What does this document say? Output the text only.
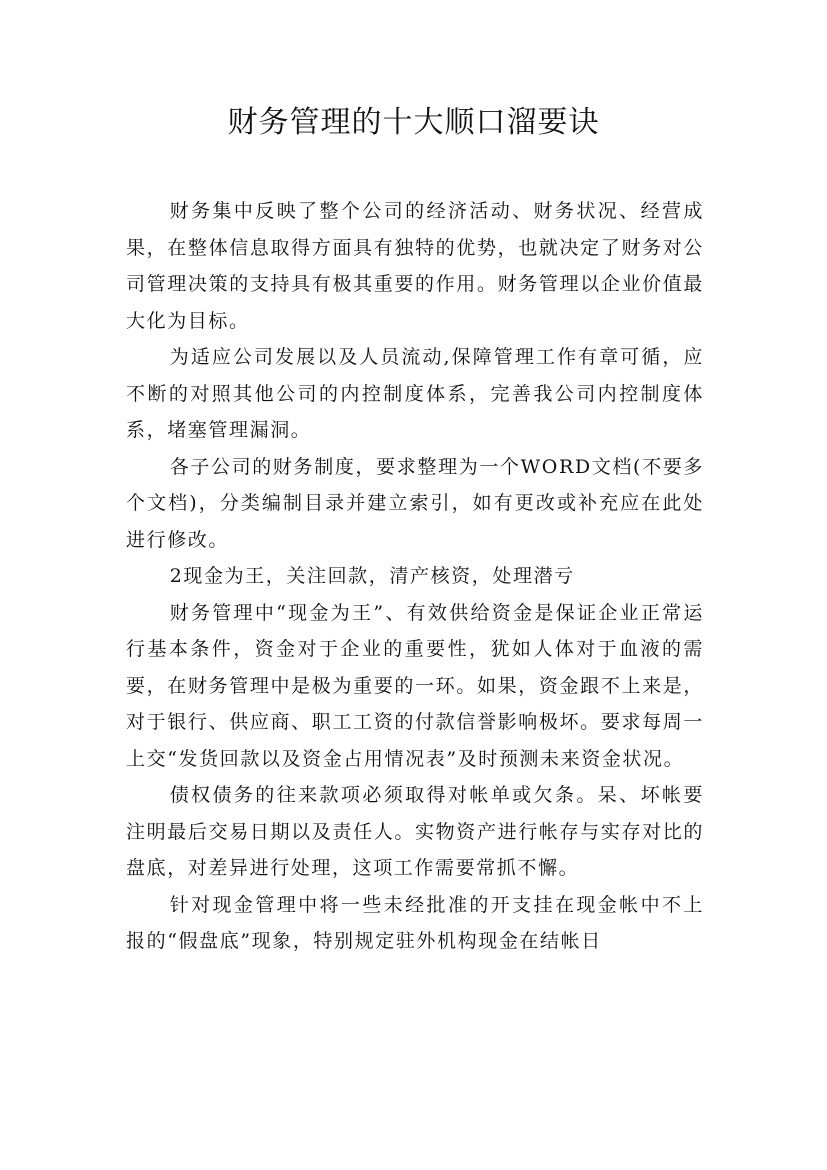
财务管理的十大顺口溜要诀

财务集中反映了整个公司的经济活动、财务状况、经营成果，在整体信息取得方面具有独特的优势，也就决定了财务对公司管理决策的支持具有极其重要的作用。财务管理以企业价值最大化为目标。

为适应公司发展以及人员流动,保障管理工作有章可循，应不断的对照其他公司的内控制度体系，完善我公司内控制度体系，堵塞管理漏洞。

各子公司的财务制度，要求整理为一个WORD文档(不要多个文档)，分类编制目录并建立索引，如有更改或补充应在此处进行修改。

2现金为王，关注回款，清产核资，处理潜亏

财务管理中“现金为王”、有效供给资金是保证企业正常运行基本条件，资金对于企业的重要性，犹如人体对于血液的需要，在财务管理中是极为重要的一环。如果，资金跟不上来是，对于银行、供应商、职工工资的付款信誉影响极坏。要求每周一上交“发货回款以及资金占用情况表”及时预测未来资金状况。

债权债务的往来款项必须取得对帐单或欠条。呆、坏帐要注明最后交易日期以及责任人。实物资产进行帐存与实存对比的盘底，对差异进行处理，这项工作需要常抓不懈。

针对现金管理中将一些未经批准的开支挂在现金帐中不上报的“假盘底”现象，特别规定驻外机构现金在结帐日
